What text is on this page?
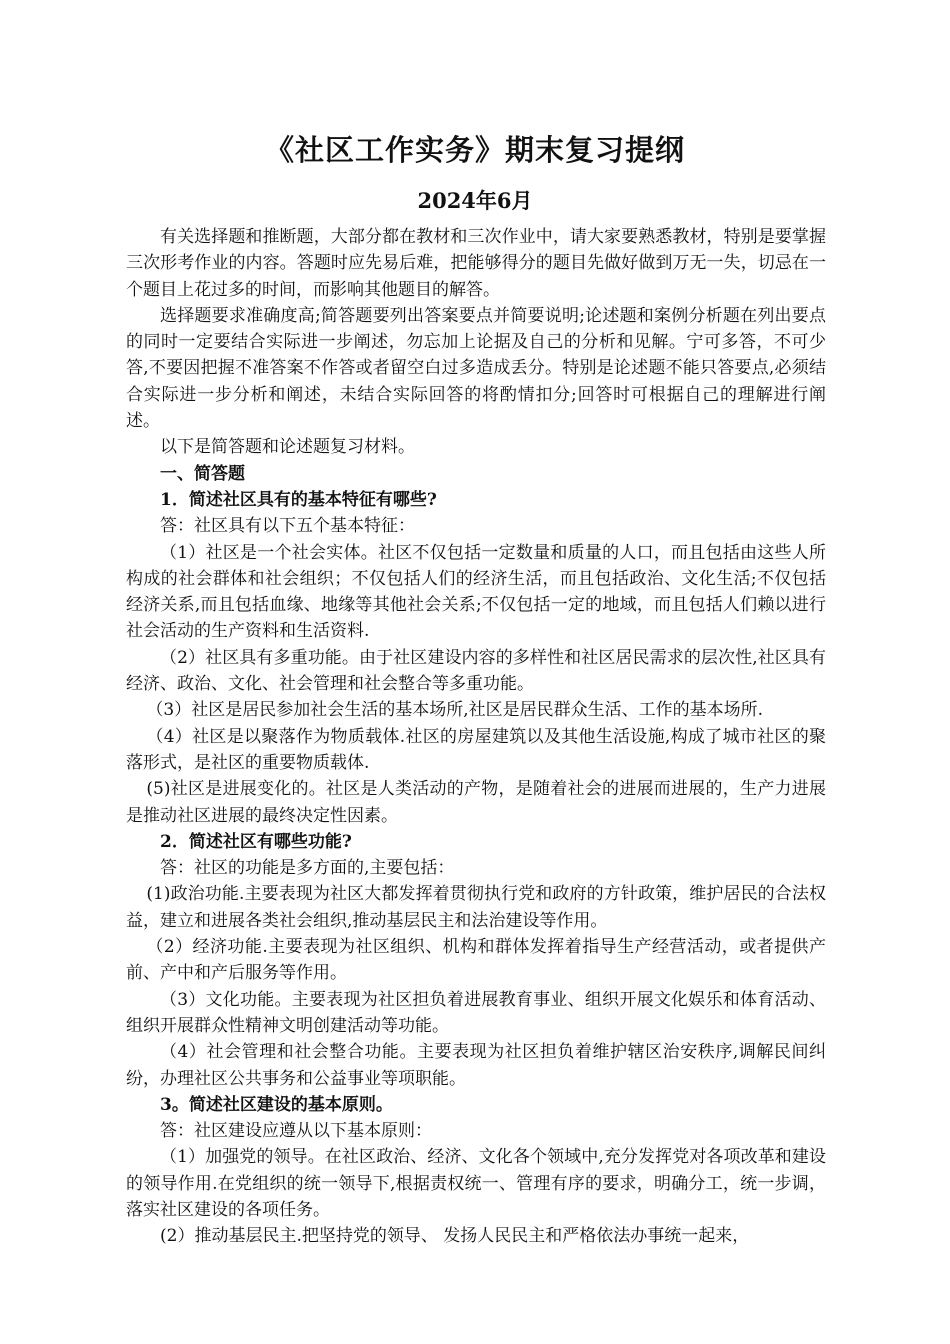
《社区工作实务》期末复习提纲
2024年6月

有关选择题和推断题，大部分都在教材和三次作业中，请大家要熟悉教材，特别是要掌握三次形考作业的内容。答题时应先易后难，把能够得分的题目先做好做到万无一失，切忌在一个题目上花过多的时间，而影响其他题目的解答。

选择题要求准确度高;简答题要列出答案要点并简要说明;论述题和案例分析题在列出要点的同时一定要结合实际进一步阐述，勿忘加上论据及自己的分析和见解。宁可多答，不可少答,不要因把握不准答案不作答或者留空白过多造成丢分。特别是论述题不能只答要点,必须结合实际进一步分析和阐述，未结合实际回答的将酌情扣分;回答时可根据自己的理解进行阐述。

以下是简答题和论述题复习材料。

一、简答题

1．简述社区具有的基本特征有哪些?

答：社区具有以下五个基本特征：

（1）社区是一个社会实体。社区不仅包括一定数量和质量的人口，而且包括由这些人所构成的社会群体和社会组织；不仅包括人们的经济生活，而且包括政治、文化生活;不仅包括经济关系,而且包括血缘、地缘等其他社会关系;不仅包括一定的地域，而且包括人们赖以进行社会活动的生产资料和生活资料.

（2）社区具有多重功能。由于社区建设内容的多样性和社区居民需求的层次性,社区具有经济、政治、文化、社会管理和社会整合等多重功能。

（3）社区是居民参加社会生活的基本场所,社区是居民群众生活、工作的基本场所.

（4）社区是以聚落作为物质载体.社区的房屋建筑以及其他生活设施,构成了城市社区的聚落形式，是社区的重要物质载体.

(5)社区是进展变化的。社区是人类活动的产物，是随着社会的进展而进展的，生产力进展是推动社区进展的最终决定性因素。

2．简述社区有哪些功能?

答：社区的功能是多方面的,主要包括：

(1)政治功能.主要表现为社区大都发挥着贯彻执行党和政府的方针政策，维护居民的合法权益，建立和进展各类社会组织,推动基层民主和法治建设等作用。

（2）经济功能.主要表现为社区组织、机构和群体发挥着指导生产经营活动，或者提供产前、产中和产后服务等作用。

（3）文化功能。主要表现为社区担负着进展教育事业、组织开展文化娱乐和体育活动、组织开展群众性精神文明创建活动等功能。

（4）社会管理和社会整合功能。主要表现为社区担负着维护辖区治安秩序,调解民间纠纷，办理社区公共事务和公益事业等项职能。

3。简述社区建设的基本原则。

答：社区建设应遵从以下基本原则：

（1）加强党的领导。在社区政治、经济、文化各个领域中,充分发挥党对各项改革和建设的领导作用.在党组织的统一领导下,根据责权统一、管理有序的要求，明确分工，统一步调，落实社区建设的各项任务。

(2）推动基层民主.把坚持党的领导、 发扬人民民主和严格依法办事统一起来，
